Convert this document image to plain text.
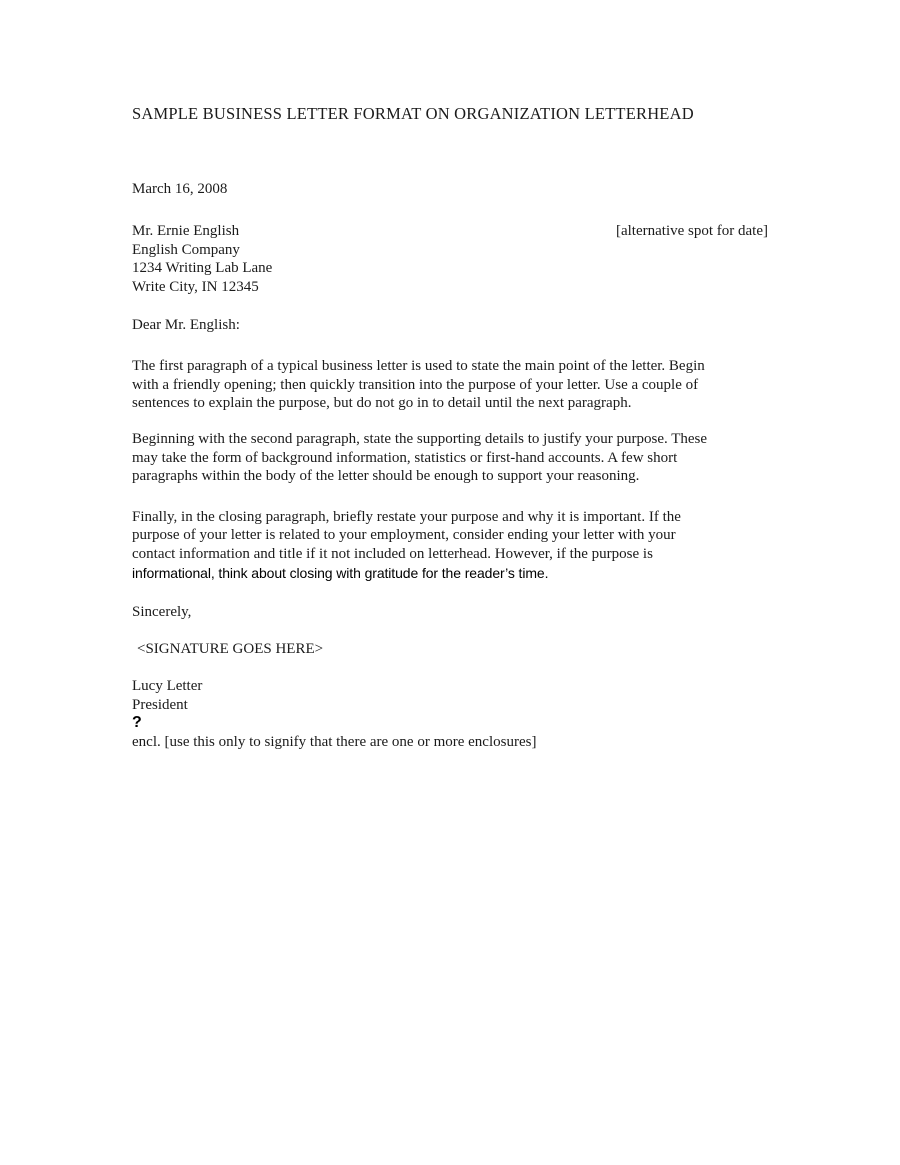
SAMPLE BUSINESS LETTER FORMAT ON ORGANIZATION LETTERHEAD
March 16, 2008
Mr. Ernie English	[alternative spot for date]
English Company
1234 Writing Lab Lane
Write City, IN 12345
Dear Mr. English:
The first paragraph of a typical business letter is used to state the main point of the letter. Begin
with a friendly opening; then quickly transition into the purpose of your letter. Use a couple of
sentences to explain the purpose, but do not go in to detail until the next paragraph.
Beginning with the second paragraph, state the supporting details to justify your purpose. These
may take the form of background information, statistics or first-hand accounts. A few short
paragraphs within the body of the letter should be enough to support your reasoning.
Finally, in the closing paragraph, briefly restate your purpose and why it is important. If the
purpose of your letter is related to your employment, consider ending your letter with your
contact information and title if it not included on letterhead. However, if the purpose is
informational, think about closing with gratitude for the reader’s time.
Sincerely,
<SIGNATURE GOES HERE>
Lucy Letter
President
?
encl. [use this only to signify that there are one or more enclosures]
